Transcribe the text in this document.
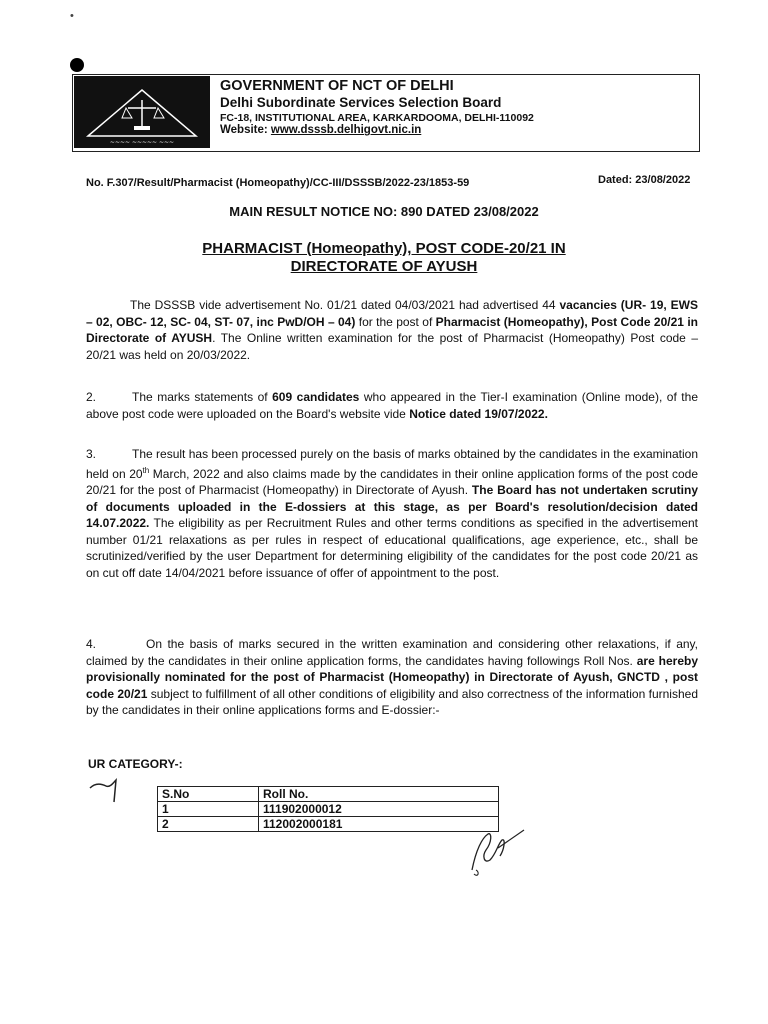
•
~~~~ ~~~~~ ~~~
GOVERNMENT OF NCT OF DELHI
Delhi Subordinate Services Selection Board
FC-18, INSTITUTIONAL AREA, KARKARDOOMA, DELHI-110092
Website: www.dsssb.delhigovt.nic.in
No. F.307/Result/Pharmacist (Homeopathy)/CC-III/DSSSB/2022-23/1853-59	Dated: 23/08/2022
MAIN RESULT NOTICE NO: 890 DATED 23/08/2022
PHARMACIST (Homeopathy), POST CODE-20/21 IN
DIRECTORATE OF AYUSH
The DSSSB vide advertisement No. 01/21 dated 04/03/2021 had advertised 44 vacancies (UR- 19, EWS – 02, OBC- 12, SC- 04, ST- 07, inc PwD/OH – 04) for the post of Pharmacist (Homeopathy), Post Code 20/21 in Directorate of AYUSH. The Online written examination for the post of Pharmacist (Homeopathy) Post code – 20/21 was held on 20/03/2022.
2.	The marks statements of 609 candidates who appeared in the Tier-I examination (Online mode), of the above post code were uploaded on the Board's website vide Notice dated 19/07/2022.
3.	The result has been processed purely on the basis of marks obtained by the candidates in the examination held on 20th March, 2022 and also claims made by the candidates in their online application forms of the post code 20/21 for the post of Pharmacist (Homeopathy) in Directorate of Ayush. The Board has not undertaken scrutiny of documents uploaded in the E-dossiers at this stage, as per Board's resolution/decision dated 14.07.2022. The eligibility as per Recruitment Rules and other terms conditions as specified in the advertisement number 01/21 relaxations as per rules in respect of educational qualifications, age experience, etc., shall be scrutinized/verified by the user Department for determining eligibility of the candidates for the post code 20/21 as on cut off date 14/04/2021 before issuance of offer of appointment to the post.
4.	On the basis of marks secured in the written examination and considering other relaxations, if any, claimed by the candidates in their online application forms, the candidates having followings Roll Nos. are hereby provisionally nominated for the post of Pharmacist (Homeopathy) in Directorate of Ayush, GNCTD , post code 20/21 subject to fulfillment of all other conditions of eligibility and also correctness of the information furnished by the candidates in their online applications forms and E-dossier:-
UR CATEGORY-:
S.No	Roll No.
1	111902000012
2	112002000181
